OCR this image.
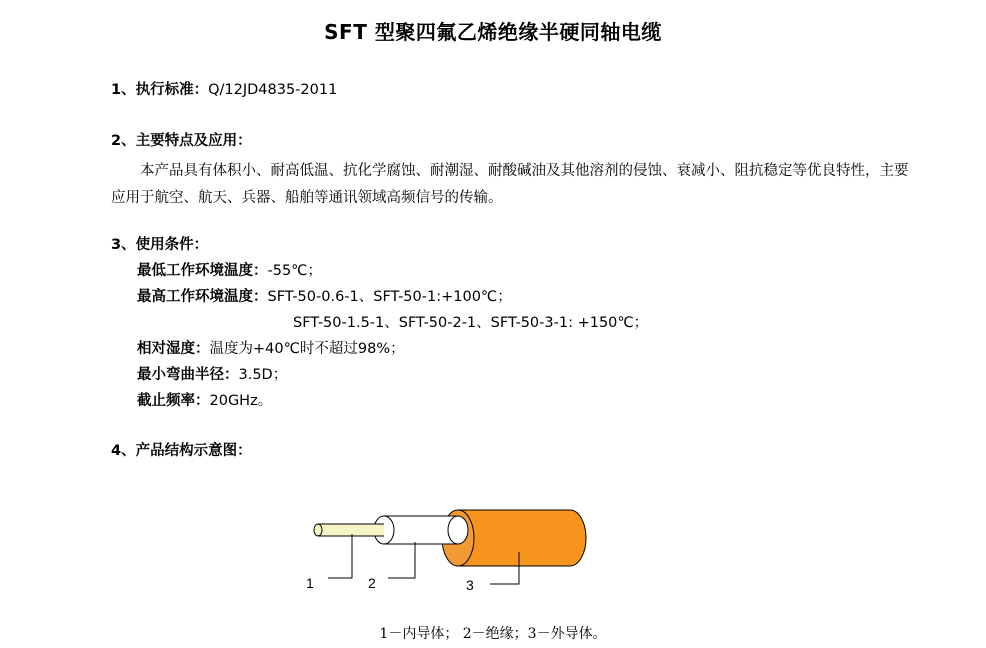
SFT 型聚四氟乙烯绝缘半硬同轴电缆
1、执行标准：Q/12JD4835-2011
2、主要特点及应用：
本产品具有体积小、耐高低温、抗化学腐蚀、耐潮湿、耐酸碱油及其他溶剂的侵蚀、衰减小、阻抗稳定等优良特性，主要应用于航空、航天、兵器、船舶等通讯领域高频信号的传输。
3、使用条件：
最低工作环境温度：-55℃；
最高工作环境温度：SFT-50-0.6-1、SFT-50-1:+100℃；
SFT-50-1.5-1、SFT-50-2-1、SFT-50-3-1: +150℃；
相对湿度：温度为+40℃时不超过98%；
最小弯曲半径：3.5D；
截止频率：20GHz。
4、产品结构示意图：
1	2	3
1－内导体； 2－绝缘；3－外导体。
